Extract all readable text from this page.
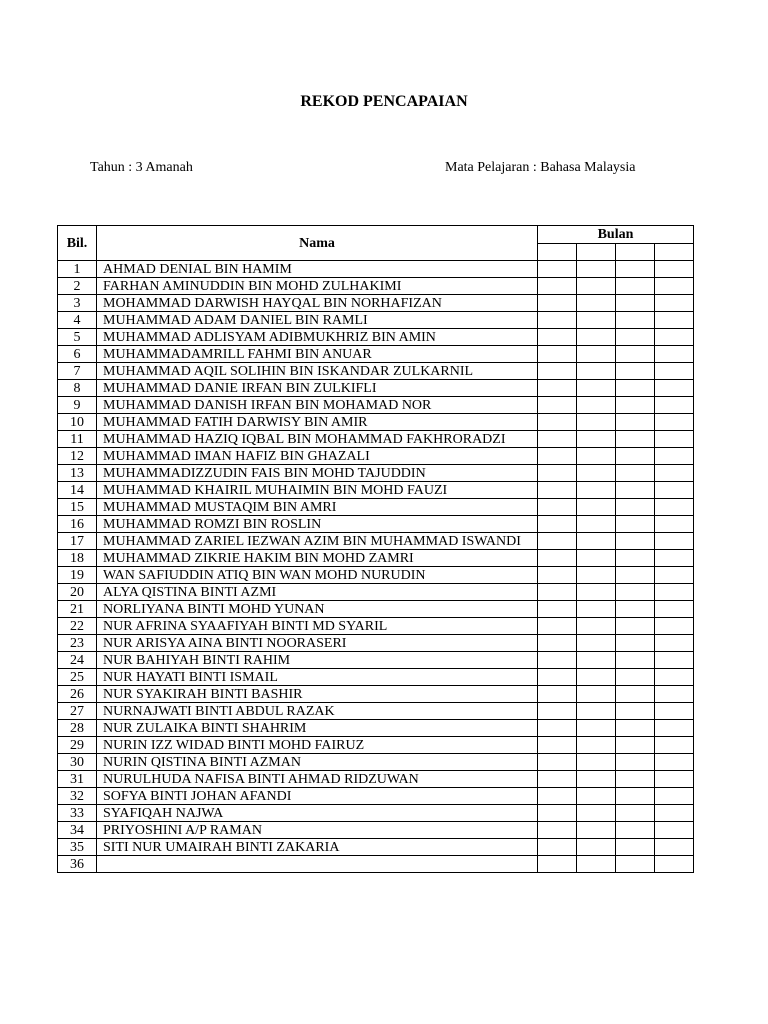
REKOD PENCAPAIAN
Tahun : 3 Amanah	Mata Pelajaran : Bahasa Malaysia
Bil.	Nama	Bulan			

1	AHMAD DENIAL BIN HAMIM				
2	FARHAN AMINUDDIN BIN MOHD ZULHAKIMI				
3	MOHAMMAD DARWISH HAYQAL BIN NORHAFIZAN				
4	MUHAMMAD ADAM DANIEL BIN RAMLI				
5	MUHAMMAD ADLISYAM ADIBMUKHRIZ BIN AMIN				
6	MUHAMMADAMRILL FAHMI BIN ANUAR				
7	MUHAMMAD AQIL SOLIHIN BIN ISKANDAR ZULKARNIL				
8	MUHAMMAD DANIE IRFAN BIN ZULKIFLI				
9	MUHAMMAD DANISH IRFAN BIN MOHAMAD NOR				
10	MUHAMMAD FATIH DARWISY BIN AMIR				
11	MUHAMMAD HAZIQ IQBAL BIN MOHAMMAD FAKHRORADZI				
12	MUHAMMAD IMAN HAFIZ BIN GHAZALI				
13	MUHAMMADIZZUDIN FAIS BIN MOHD TAJUDDIN				
14	MUHAMMAD KHAIRIL MUHAIMIN BIN MOHD FAUZI				
15	MUHAMMAD MUSTAQIM BIN AMRI				
16	MUHAMMAD ROMZI BIN ROSLIN				
17	MUHAMMAD ZARIEL IEZWAN AZIM BIN MUHAMMAD ISWANDI				
18	MUHAMMAD ZIKRIE HAKIM BIN MOHD ZAMRI				
19	WAN SAFIUDDIN ATIQ BIN WAN MOHD NURUDIN				
20	ALYA QISTINA BINTI AZMI				
21	NORLIYANA BINTI MOHD YUNAN				
22	NUR AFRINA SYAAFIYAH BINTI MD SYARIL				
23	NUR ARISYA AINA BINTI NOORASERI				
24	NUR BAHIYAH BINTI RAHIM				
25	NUR HAYATI BINTI ISMAIL				
26	NUR SYAKIRAH BINTI BASHIR				
27	NURNAJWATI BINTI ABDUL RAZAK				
28	NUR ZULAIKA BINTI SHAHRIM				
29	NURIN IZZ WIDAD BINTI MOHD FAIRUZ				
30	NURIN QISTINA BINTI AZMAN				
31	NURULHUDA NAFISA BINTI AHMAD RIDZUWAN				
32	SOFYA BINTI JOHAN AFANDI				
33	SYAFIQAH NAJWA				
34	PRIYOSHINI A/P RAMAN				
35	SITI NUR UMAIRAH BINTI ZAKARIA				
36					
